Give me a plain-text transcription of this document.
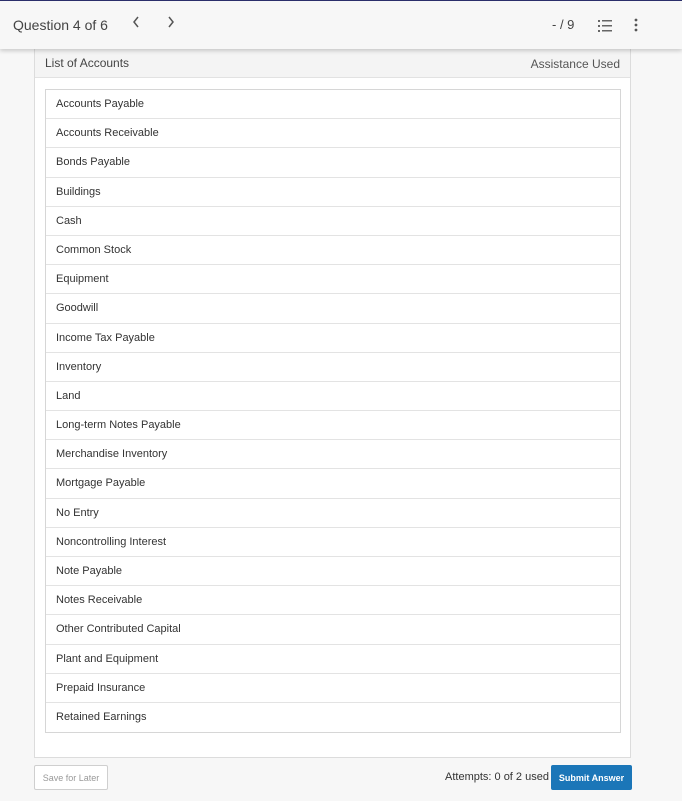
Question 4 of 6	- / 9
List of Accounts	Assistance Used
Accounts Payable
Accounts Receivable
Bonds Payable
Buildings
Cash
Common Stock
Equipment
Goodwill
Income Tax Payable
Inventory
Land
Long-term Notes Payable
Merchandise Inventory
Mortgage Payable
No Entry
Noncontrolling Interest
Note Payable
Notes Receivable
Other Contributed Capital
Plant and Equipment
Prepaid Insurance
Retained Earnings
Save for Later	Attempts: 0 of 2 used	Submit Answer
